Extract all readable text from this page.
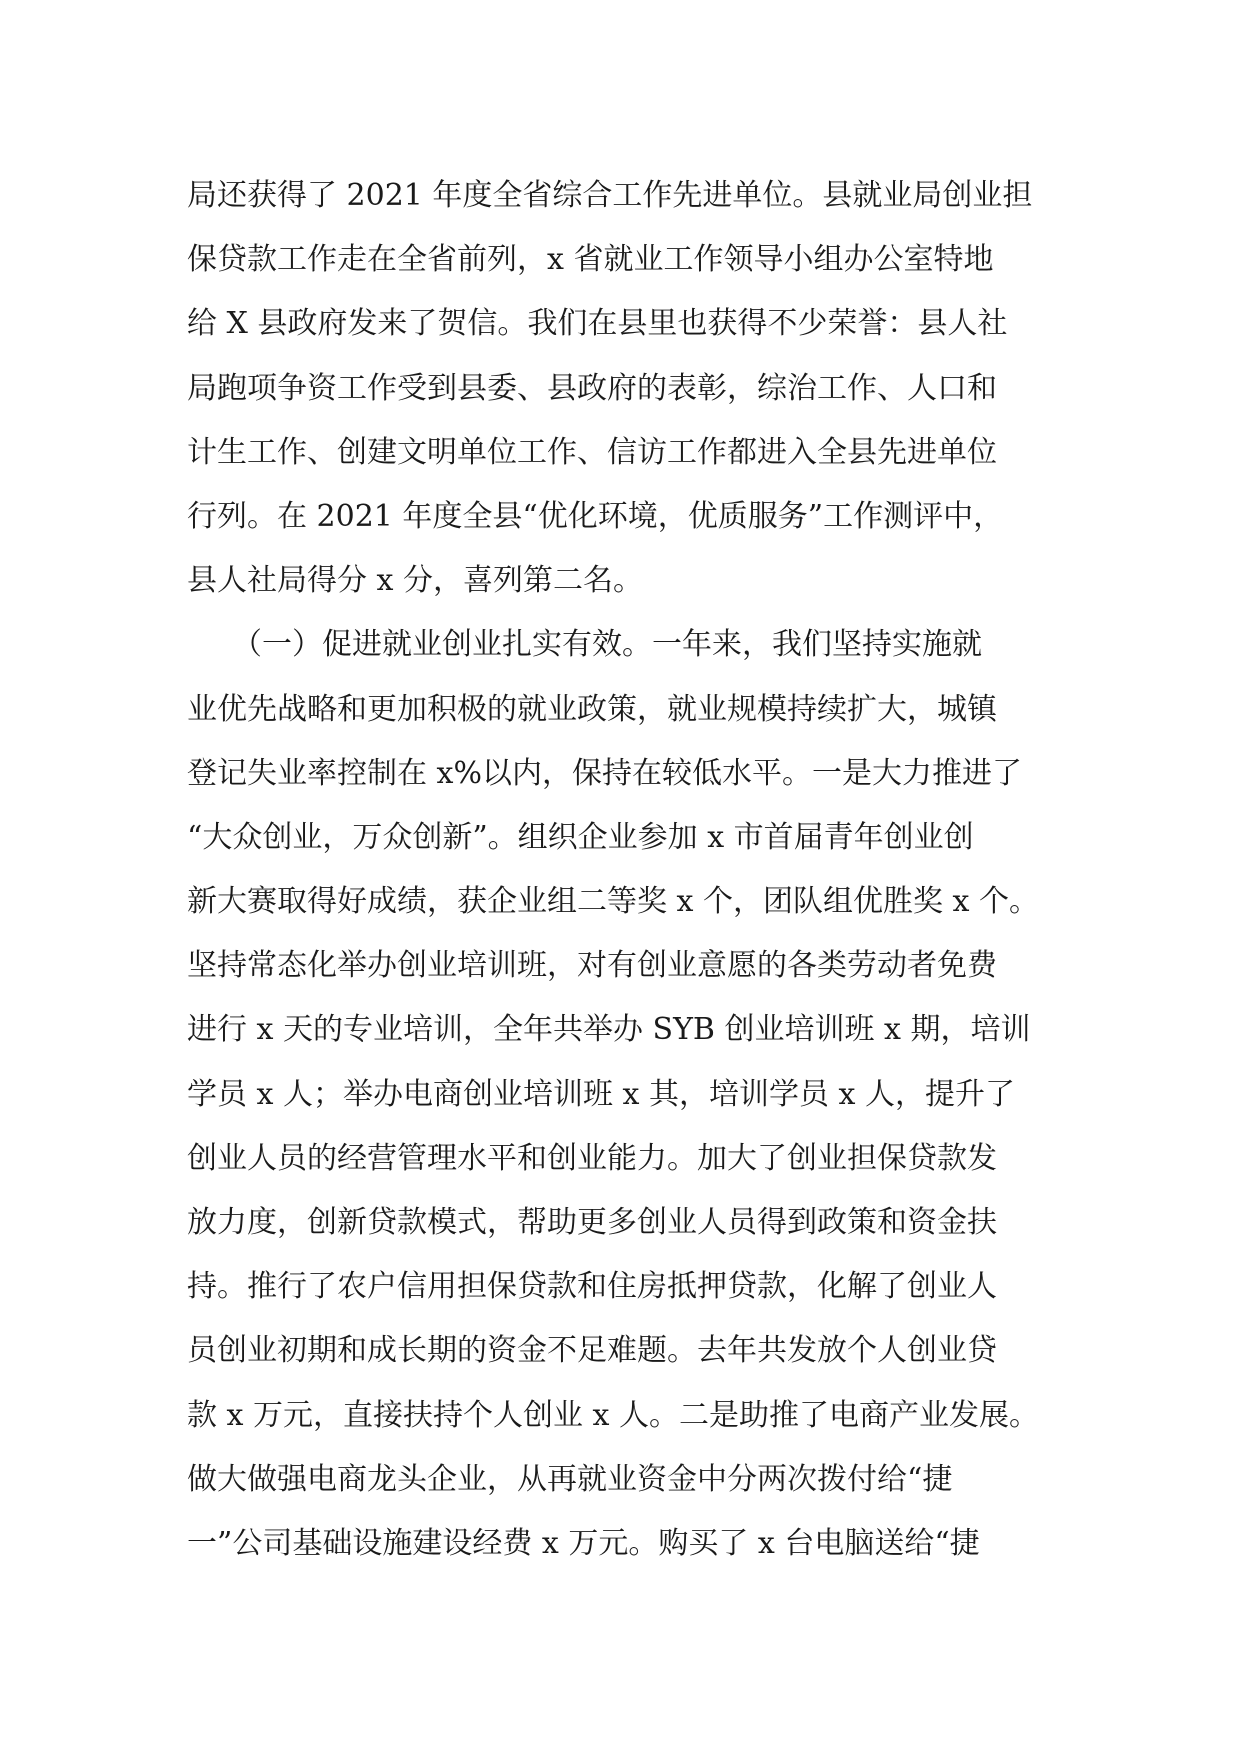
局还获得了 2021 年度全省综合工作先进单位。县就业局创业担
保贷款工作走在全省前列，x 省就业工作领导小组办公室特地
给 X 县政府发来了贺信。我们在县里也获得不少荣誉：县人社
局跑项争资工作受到县委、县政府的表彰，综治工作、人口和
计生工作、创建文明单位工作、信访工作都进入全县先进单位
行列。在 2021 年度全县“优化环境，优质服务”工作测评中，
县人社局得分 x 分，喜列第二名。
　　（一）促进就业创业扎实有效。一年来，我们坚持实施就
业优先战略和更加积极的就业政策，就业规模持续扩大，城镇
登记失业率控制在 x%以内，保持在较低水平。一是大力推进了
“大众创业，万众创新”。组织企业参加 x 市首届青年创业创
新大赛取得好成绩，获企业组二等奖 x 个，团队组优胜奖 x 个。
坚持常态化举办创业培训班，对有创业意愿的各类劳动者免费
进行 x 天的专业培训，全年共举办 SYB 创业培训班 x 期，培训
学员 x 人；举办电商创业培训班 x 其，培训学员 x 人，提升了
创业人员的经营管理水平和创业能力。加大了创业担保贷款发
放力度，创新贷款模式，帮助更多创业人员得到政策和资金扶
持。推行了农户信用担保贷款和住房抵押贷款，化解了创业人
员创业初期和成长期的资金不足难题。去年共发放个人创业贷
款 x 万元，直接扶持个人创业 x 人。二是助推了电商产业发展。
做大做强电商龙头企业，从再就业资金中分两次拨付给“捷
一”公司基础设施建设经费 x 万元。购买了 x 台电脑送给“捷
